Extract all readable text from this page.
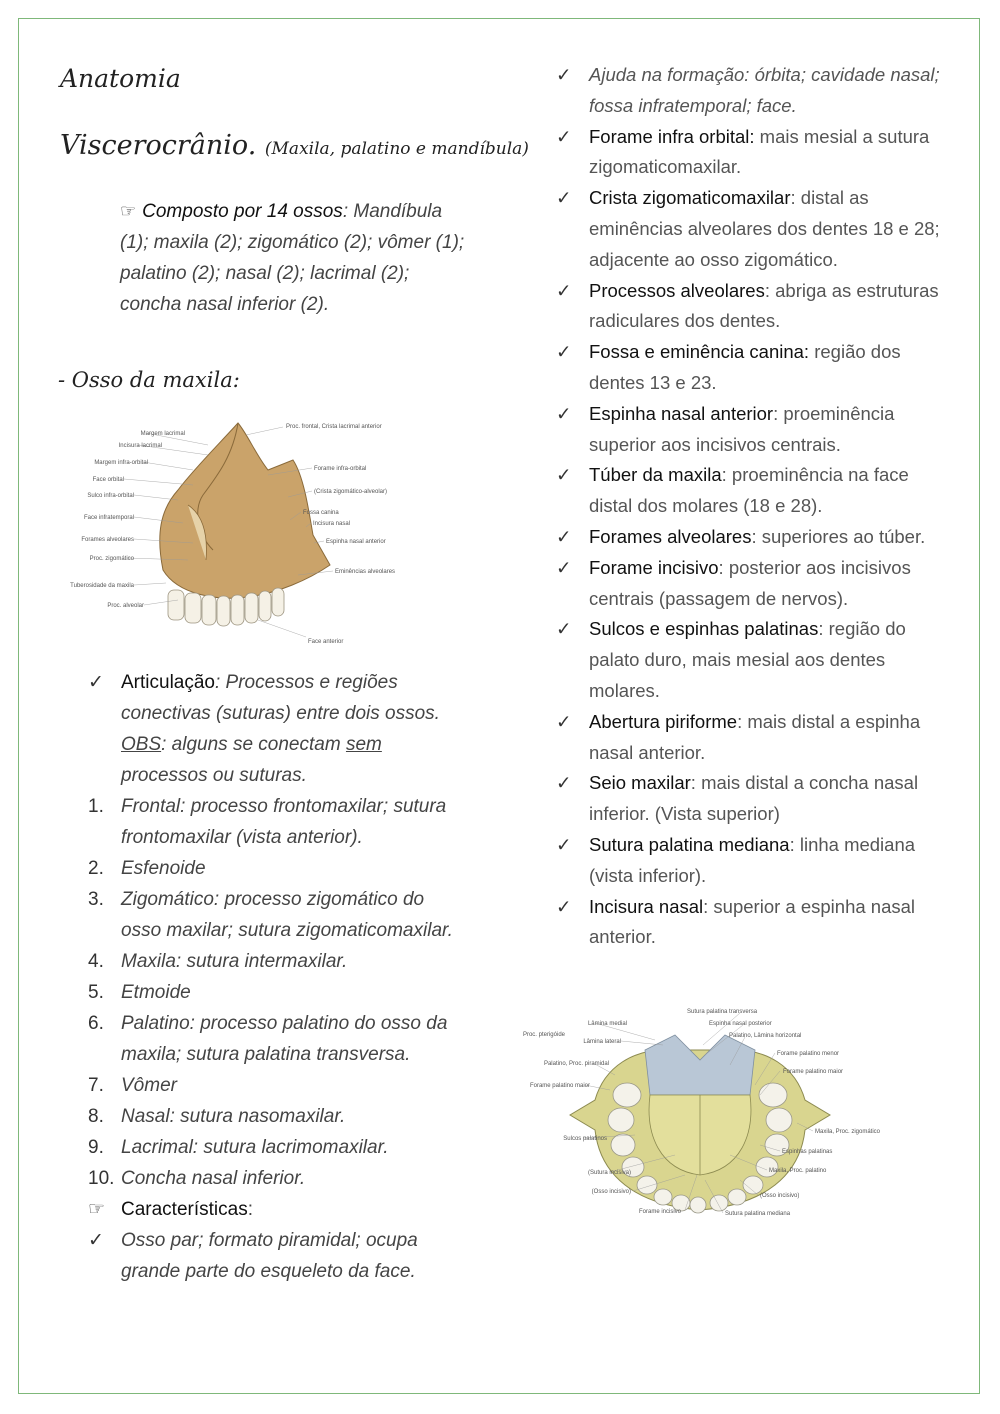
Anatomia
Viscerocrânio. (Maxila, palatino e mandíbula)
☞ Composto por 14 ossos: Mandíbula (1); maxila (2); zigomático (2); vômer (1); palatino (2); nasal (2); lacrimal (2); concha nasal inferior (2).
- Osso da maxila:
Margem lacrimal
Incisura lacrimal
Margem infra-orbital
Face orbital
Sulco infra-orbital
Face infratemporal
Forames alveolares
Proc. zigomático
Tuberosidade da maxila
Proc. alveolar
Proc. frontal, Crista lacrimal anterior
Forame infra-orbital
(Crista zigomático-alveolar)
Fossa canina
Incisura nasal
Espinha nasal anterior
Eminências alveolares
Face anterior
✓ Articulação: Processos e regiões conectivas (suturas) entre dois ossos. OBS: alguns se conectam sem processos ou suturas.
1. Frontal: processo frontomaxilar; sutura frontomaxilar (vista anterior).
2. Esfenoide
3. Zigomático: processo zigomático do osso maxilar; sutura zigomaticomaxilar.
4. Maxila: sutura intermaxilar.
5. Etmoide
6. Palatino: processo palatino do osso da maxila; sutura palatina transversa.
7. Vômer
8. Nasal: sutura nasomaxilar.
9. Lacrimal: sutura lacrimomaxilar.
10. Concha nasal inferior.
☞ Características:
✓ Osso par; formato piramidal; ocupa grande parte do esqueleto da face.
✓ Ajuda na formação: órbita; cavidade nasal; fossa infratemporal; face.
✓ Forame infra orbital: mais mesial a sutura zigomaticomaxilar.
✓ Crista zigomaticomaxilar: distal as eminências alveolares dos dentes 18 e 28; adjacente ao osso zigomático.
✓ Processos alveolares: abriga as estruturas radiculares dos dentes.
✓ Fossa e eminência canina: região dos dentes 13 e 23.
✓ Espinha nasal anterior: proeminência superior aos incisivos centrais.
✓ Túber da maxila: proeminência na face distal dos molares (18 e 28).
✓ Forames alveolares: superiores ao túber.
✓ Forame incisivo: posterior aos incisivos centrais (passagem de nervos).
✓ Sulcos e espinhas palatinas: região do palato duro, mais mesial aos dentes molares.
✓ Abertura piriforme: mais distal a espinha nasal anterior.
✓ Seio maxilar: mais distal a concha nasal inferior. (Vista superior)
✓ Sutura palatina mediana: linha mediana (vista inferior).
✓ Incisura nasal: superior a espinha nasal anterior.
Proc. pterigóide
Lâmina medial
Lâmina lateral
Palatino, Proc. piramidal
Forame palatino maior
Sulcos palatinos
(Sutura incisiva)
(Osso incisivo)
Forame incisivo
Sutura palatina transversa
Espinha nasal posterior
Palatino, Lâmina horizontal
Forame palatino menor
Forame palatino maior
Maxila, Proc. zigomático
Espinhas palatinas
Maxila, Proc. palatino
(Osso incisivo)
Sutura palatina mediana
